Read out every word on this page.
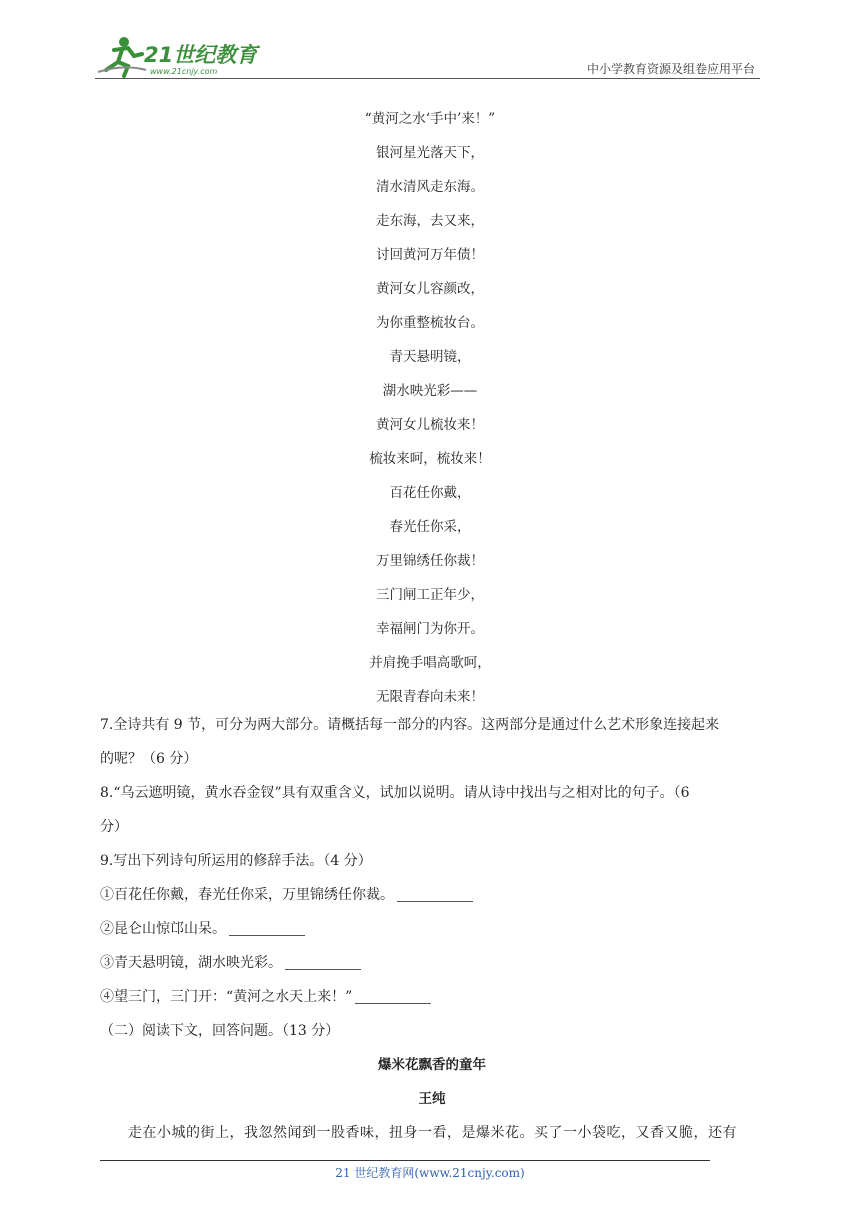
21世纪教育
www.21cnjy.com	中小学教育资源及组卷应用平台
“黄河之水‘手中’来！”
银河星光落天下，
清水清风走东海。
走东海，去又来，
讨回黄河万年债！
黄河女儿容颜改，
为你重整梳妆台。
青天悬明镜，
湖水映光彩——
黄河女儿梳妆来！
梳妆来呵，梳妆来！
百花任你戴，
春光任你采，
万里锦绣任你裁！
三门闸工正年少，
幸福闸门为你开。
并肩挽手唱高歌呵，
无限青春向未来！
7.全诗共有 9 节，可分为两大部分。请概括每一部分的内容。这两部分是通过什么艺术形象连接起来
的呢？（6 分）
8.“乌云遮明镜，黄水吞金钗”具有双重含义，试加以说明。请从诗中找出与之相对比的句子。（6
分）
9.写出下列诗句所运用的修辞手法。（4 分）
①百花任你戴，春光任你采，万里锦绣任你裁。
②昆仑山惊邙山呆。
③青天悬明镜，湖水映光彩。
④望三门，三门开：“黄河之水天上来！”
（二）阅读下文，回答问题。（13 分）
爆米花飘香的童年
王纯
走在小城的街上，我忽然闻到一股香味，扭身一看，是爆米花。买了一小袋吃，又香又脆，还有
21 世纪教育网(www.21cnjy.com)
